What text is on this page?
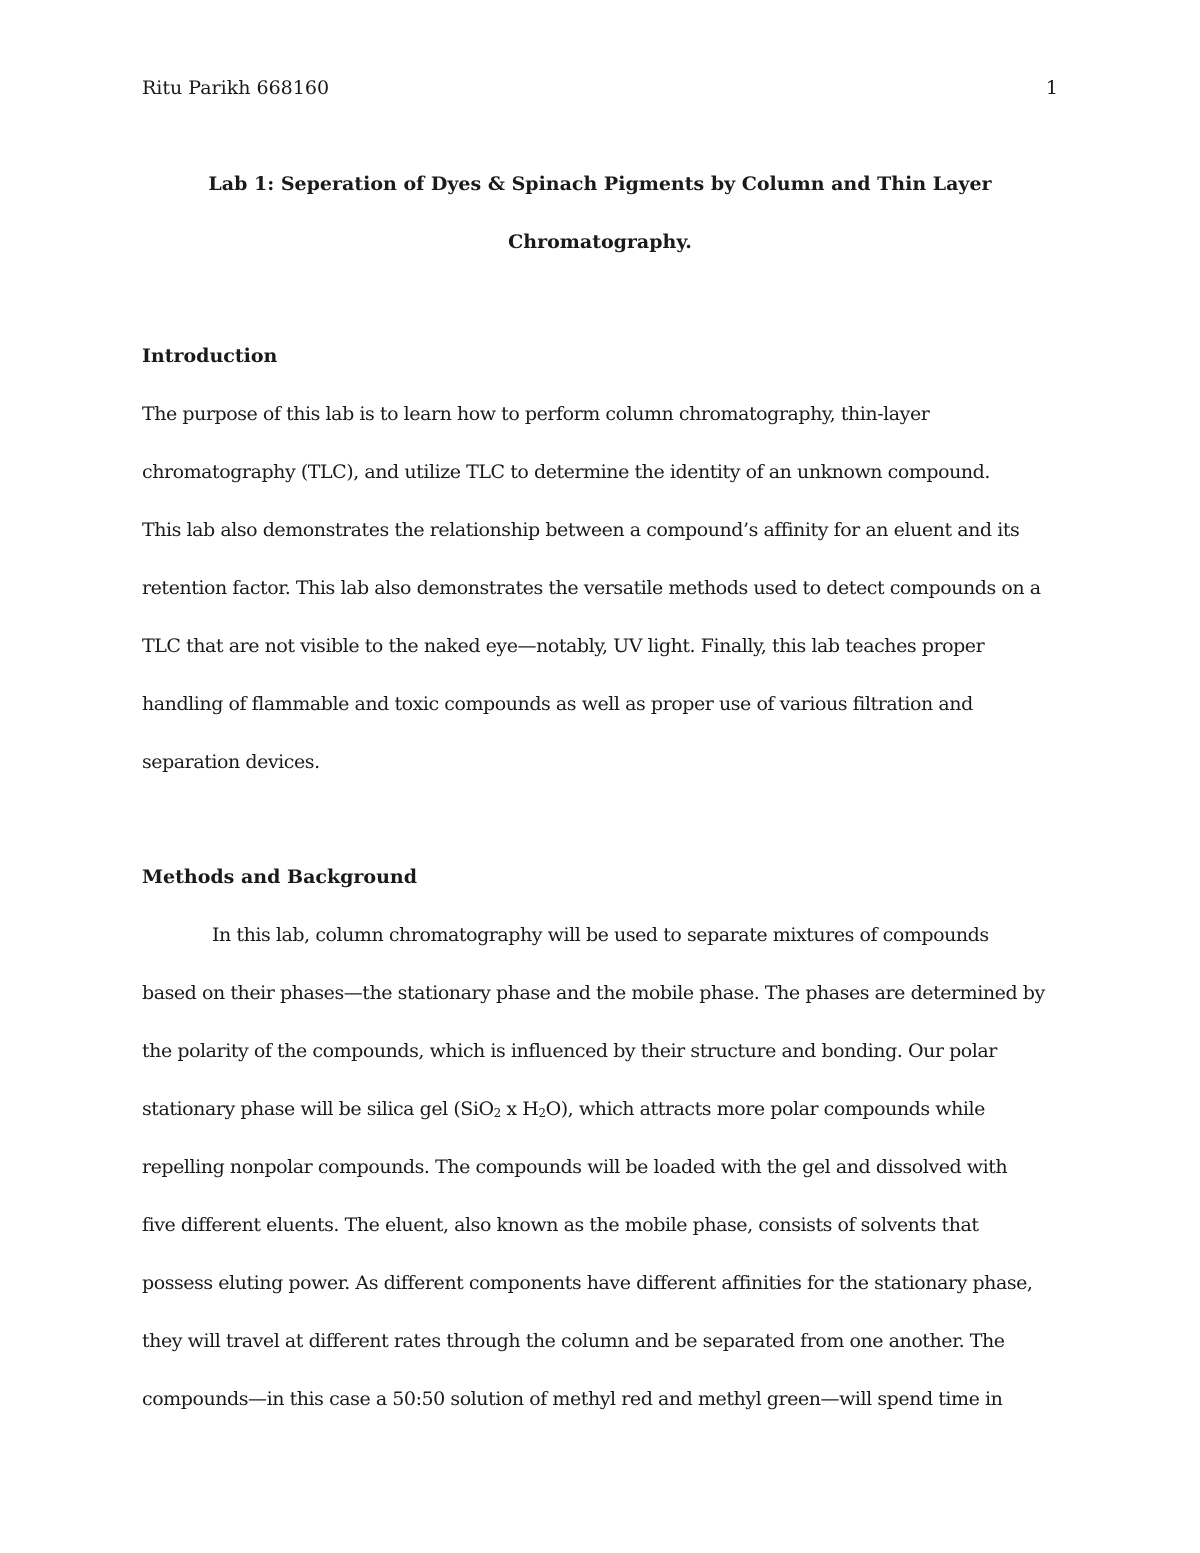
Ritu Parikh 668160	1
Lab 1: Seperation of Dyes & Spinach Pigments by Column and Thin Layer
Chromatography.
Introduction
The purpose of this lab is to learn how to perform column chromatography, thin-layer
chromatography (TLC), and utilize TLC to determine the identity of an unknown compound.
This lab also demonstrates the relationship between a compound’s affinity for an eluent and its
retention factor. This lab also demonstrates the versatile methods used to detect compounds on a
TLC that are not visible to the naked eye—notably, UV light. Finally, this lab teaches proper
handling of flammable and toxic compounds as well as proper use of various filtration and
separation devices.
Methods and Background
In this lab, column chromatography will be used to separate mixtures of compounds
based on their phases—the stationary phase and the mobile phase. The phases are determined by
the polarity of the compounds, which is influenced by their structure and bonding. Our polar
stationary phase will be silica gel (SiO$_2$ x $H_2O$), which attracts more polar compounds while
repelling nonpolar compounds. The compounds will be loaded with the gel and dissolved with
five different eluents. The eluent, also known as the mobile phase, consists of solvents that
possess eluting power. As different components have different affinities for the stationary phase,
they will travel at different rates through the column and be separated from one another. The
compounds—in this case a 50:50 solution of methyl red and methyl green—will spend time in
